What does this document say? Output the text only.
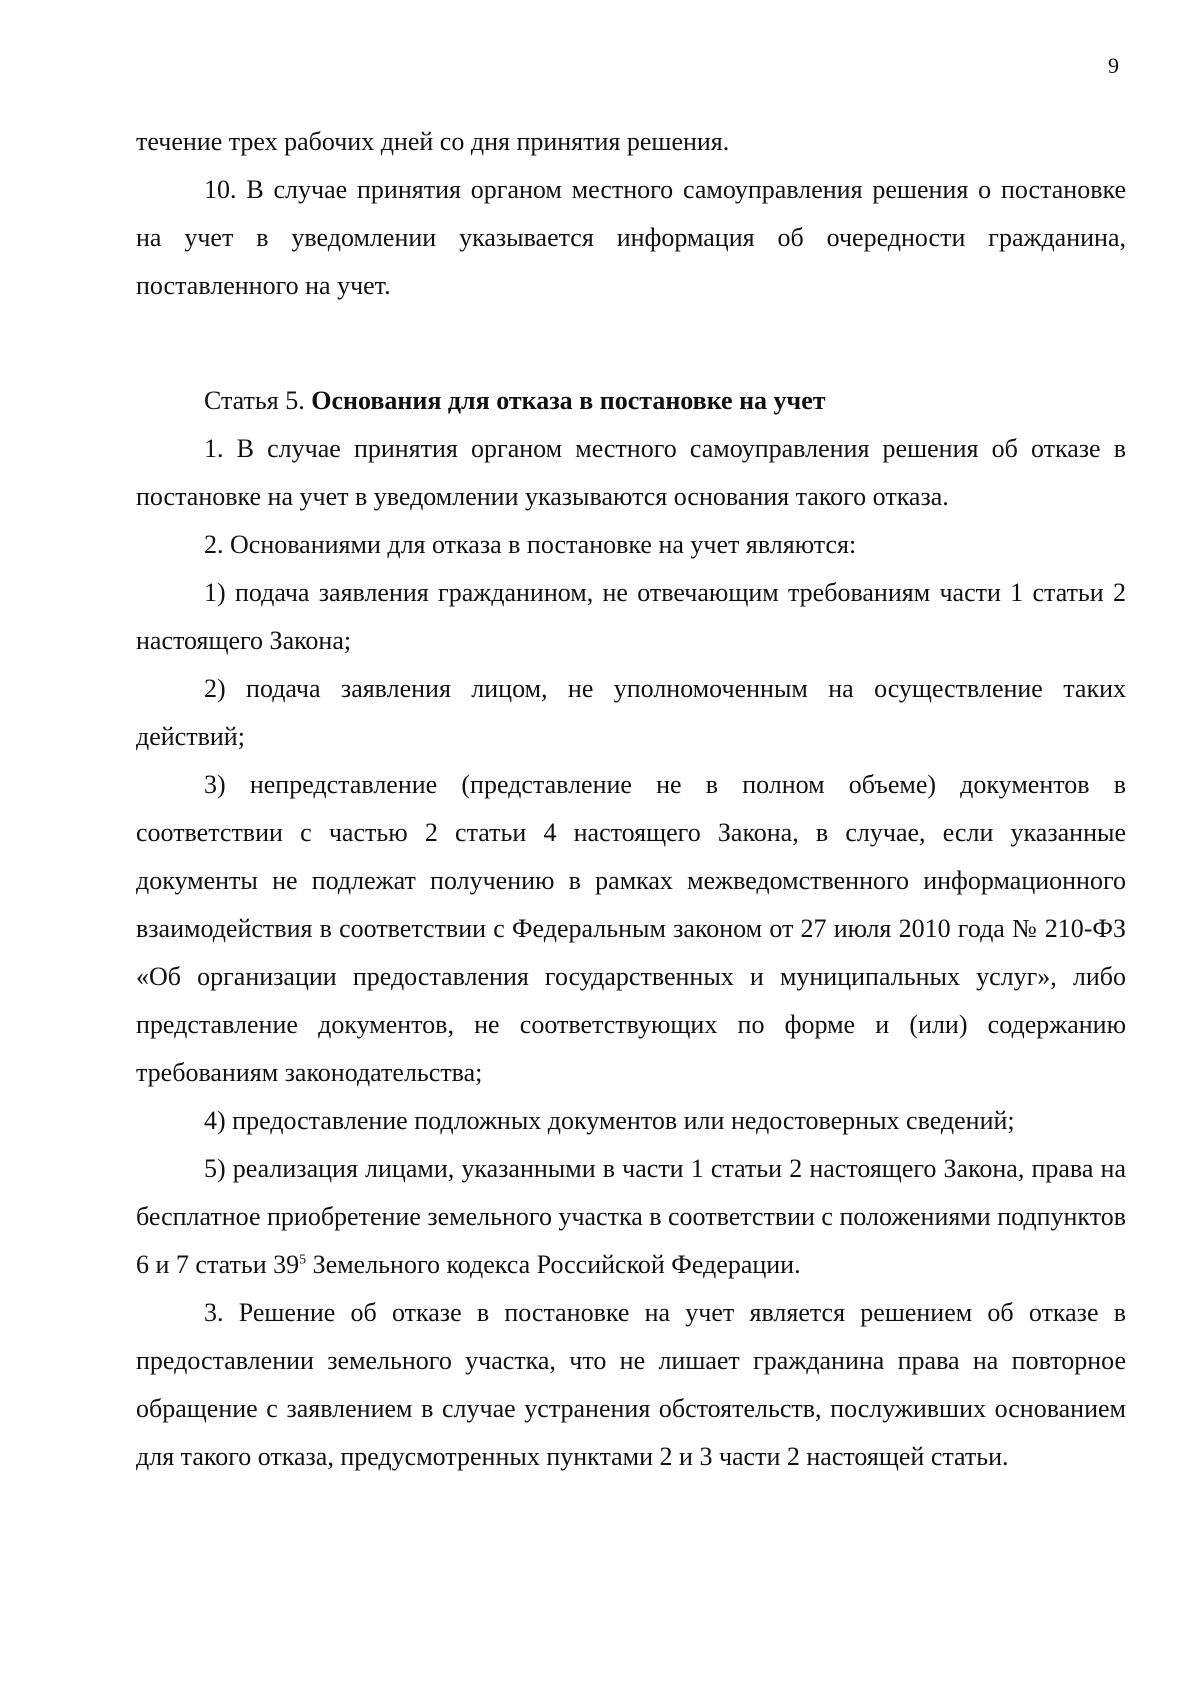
9

течение трех рабочих дней со дня принятия решения.

10. В случае принятия органом местного самоуправления решения о постановке на учет в уведомлении указывается информация об очередности гражданина, поставленного на учет.

Статья 5. Основания для отказа в постановке на учет

1. В случае принятия органом местного самоуправления решения об отказе в постановке на учет в уведомлении указываются основания такого отказа.

2. Основаниями для отказа в постановке на учет являются:

1) подача заявления гражданином, не отвечающим требованиям части 1 статьи 2 настоящего Закона;

2) подача заявления лицом, не уполномоченным на осуществление таких действий;

3) непредставление (представление не в полном объеме) документов в соответствии с частью 2 статьи 4 настоящего Закона, в случае, если указанные документы не подлежат получению в рамках межведомственного информационного взаимодействия в соответствии с Федеральным законом от 27 июля 2010 года № 210-ФЗ «Об организации предоставления государственных и муниципальных услуг», либо представление документов, не соответствующих по форме и (или) содержанию требованиям законодательства;

4) предоставление подложных документов или недостоверных сведений;

5) реализация лицами, указанными в части 1 статьи 2 настоящего Закона, права на бесплатное приобретение земельного участка в соответствии с положениями подпунктов 6 и 7 статьи $39^5$ Земельного кодекса Российской Федерации.

3. Решение об отказе в постановке на учет является решением об отказе в предоставлении земельного участка, что не лишает гражданина права на повторное обращение с заявлением в случае устранения обстоятельств, послуживших основанием для такого отказа, предусмотренных пунктами 2 и 3 части 2 настоящей статьи.
